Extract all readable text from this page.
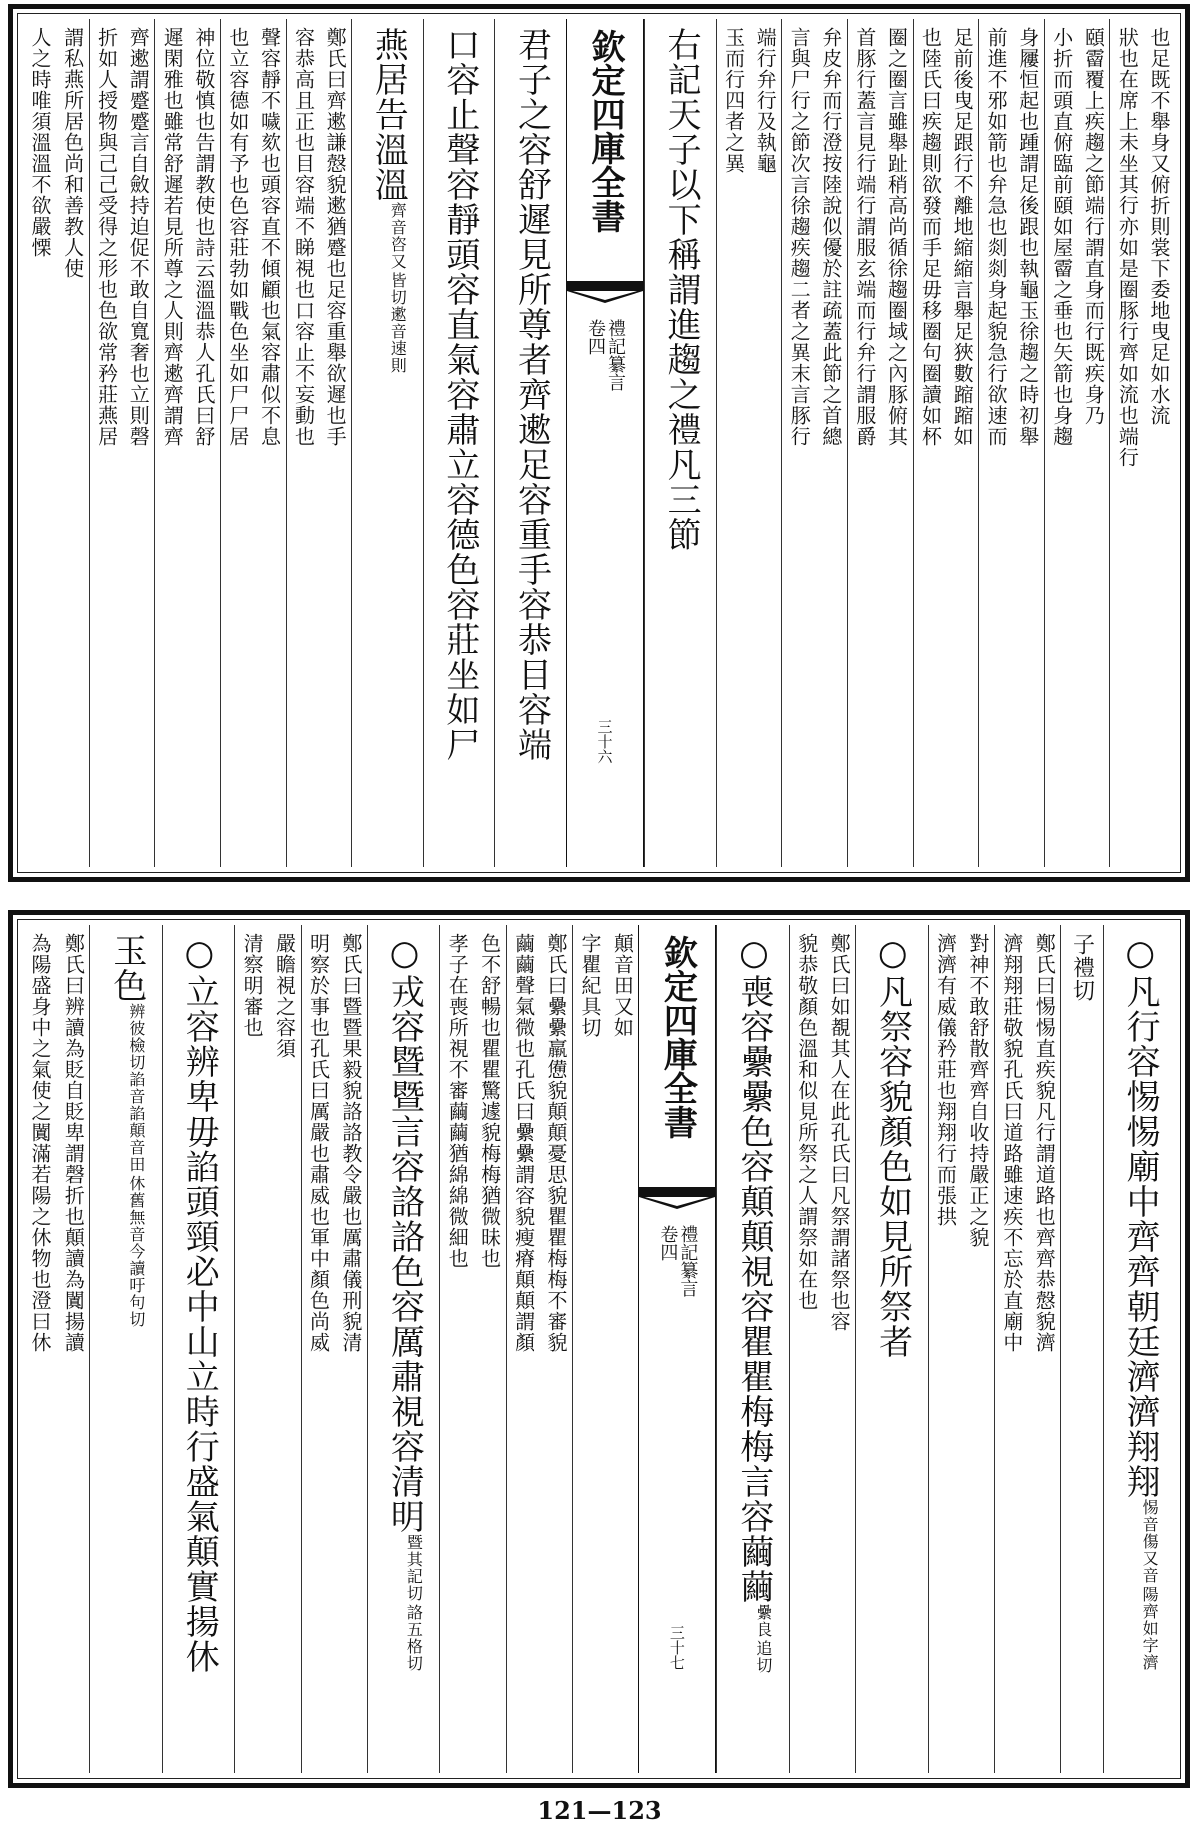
也足既不舉身又俯折則裳下委地曳足如水流
狀也在席上未坐其行亦如是圈豚行齊如流也端行
頤霤覆上疾趨之節端行謂直身而行既疾身乃
小折而頭直俯臨前頤如屋霤之垂也矢箭也身趨
身屨恒起也踵謂足後跟也執龜玉徐趨之時初舉
前進不邪如箭也弁急也剡剡身起貌急行欲速而
足前後曳足跟行不離地縮縮言舉足狹數蹜蹜如
也陸氏曰疾趨則欲發而手足毋移圈句圈讀如杯
圈之圈言雖舉趾稍高尚循徐趨圈域之內豚俯其
首豚行蓋言見行端行謂服玄端而行弁行謂服爵
弁皮弁而行澄按陸說似優於註疏蓋此節之首總
言與尸行之節次言徐趨疾趨二者之異末言豚行
端行弁行及執龜
玉而行四者之異
右記天子以下稱謂進趨之禮凡三節
欽定四庫全書
禮記纂言
卷四
三十六
君子之容舒遲見所尊者齊遬足容重手容恭目容端
口容止聲容靜頭容直氣容肅立容德色容莊坐如尸
燕居告溫溫
齊音咨又
皆切遬音速則
鄭氏曰齊遬謙慤貌遬猶蹙也足容重舉欲遲也手
容恭高且正也目容端不睇視也口容止不妄動也
聲容靜不噦欬也頭容直不傾顧也氣容肅似不息
也立容德如有予也色容莊勃如戰色坐如尸尸居
神位敬慎也告謂教使也詩云溫溫恭人孔氏曰舒
遲閑雅也雖常舒遲若見所尊之人則齊遬齊謂齊
齊遬謂蹙蹙言自斂持迫促不敢自寬奢也立則磬
折如人授物與己己受得之形也色欲常矜莊燕居
謂私燕所居色尚和善教人使
人之時唯須溫溫不欲嚴慄
○凡行容惕惕廟中齊齊朝廷濟濟翔翔
惕音傷又音
陽齊如字濟
子禮切
鄭氏曰惕惕直疾貌凡行謂道路也齊齊恭慤貌濟
濟翔翔莊敬貌孔氏曰道路雖速疾不忘於直廟中
對神不敢舒散齊齊自收持嚴正之貌
濟濟有威儀矜莊也翔翔行而張拱
○凡祭容貌顏色如見所祭者
鄭氏曰如覩其人在此孔氏曰凡祭謂諸祭也容
貌恭敬顏色溫和似見所祭之人謂祭如在也
○喪容纍纍色容顛顛視容瞿瞿梅梅言容繭繭
纍良
追切
欽定四庫全書
禮記纂言
卷四
三十七
顛音田又如
字瞿紀具切
鄭氏曰纍纍羸憊貌顛顛憂思貌瞿瞿梅梅不審貌
繭繭聲氣微也孔氏曰纍纍謂容貌瘦瘠顛顛謂顏
色不舒暢也瞿瞿驚遽貌梅梅猶微昧也
孝子在喪所視不審繭繭猶綿綿微細也
○戎容暨暨言容詻詻色容厲肅視容清明
暨其記切
詻五格切
鄭氏曰暨暨果毅貌詻詻教令嚴也厲肅儀刑貌清
明察於事也孔氏曰厲嚴也肅威也軍中顏色尚威
嚴瞻視之容須
清察明審也
○立容辨卑毋諂頭頸必中山立時行盛氣顛實揚休
玉色
辨彼檢切諂音諂顛音田
休舊無音今讀吁句切
鄭氏曰辨讀為貶自貶卑謂磬折也顛讀為闐揚讀
為陽盛身中之氣使之闐滿若陽之休物也澄曰休
121—123
